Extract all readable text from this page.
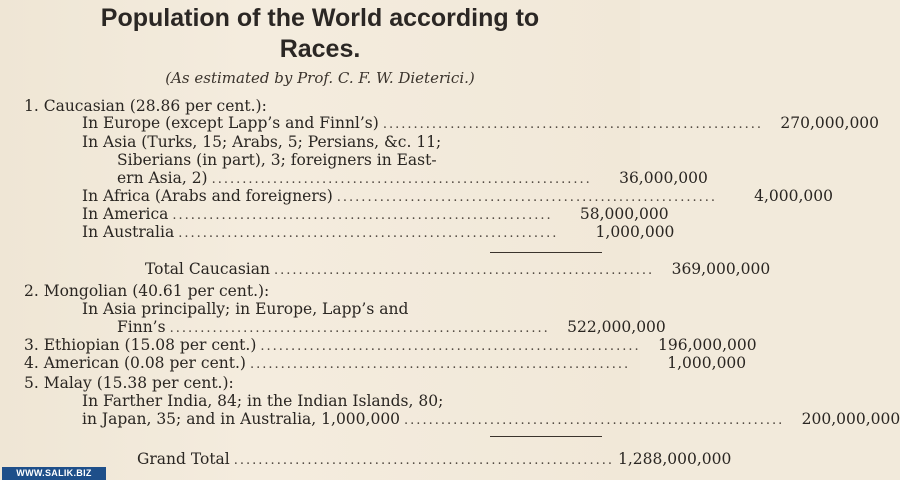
Population of the World according to
Races.
(As estimated by Prof. C. F. W. Dieterici.)
1. Caucasian (28.86 per cent.):
In Europe (except Lapp’s and Finnl’s) ..............................................................	270,000,000
In Asia (Turks, 15; Arabs, 5; Persians, &c. 11;
Siberians (in part), 3; foreigners in East-
ern Asia, 2) ..............................................................	36,000,000
In Africa (Arabs and foreigners) ..............................................................	4,000,000
In America ..............................................................	58,000,000
In Australia ..............................................................	1,000,000
Total Caucasian ..............................................................	369,000,000
2. Mongolian (40.61 per cent.):
In Asia principally; in Europe, Lapp’s and
Finn’s ..............................................................	522,000,000
3. Ethiopian (15.08 per cent.) ..............................................................	196,000,000
4. American (0.08 per cent.) ..............................................................	1,000,000
5. Malay (15.38 per cent.):
In Farther India, 84; in the Indian Islands, 80;
in Japan, 35; and in Australia, 1,000,000 ..............................................................	200,000,000
Grand Total .............................................................. 1,288,000,000
WWW.SALIK.BIZ
